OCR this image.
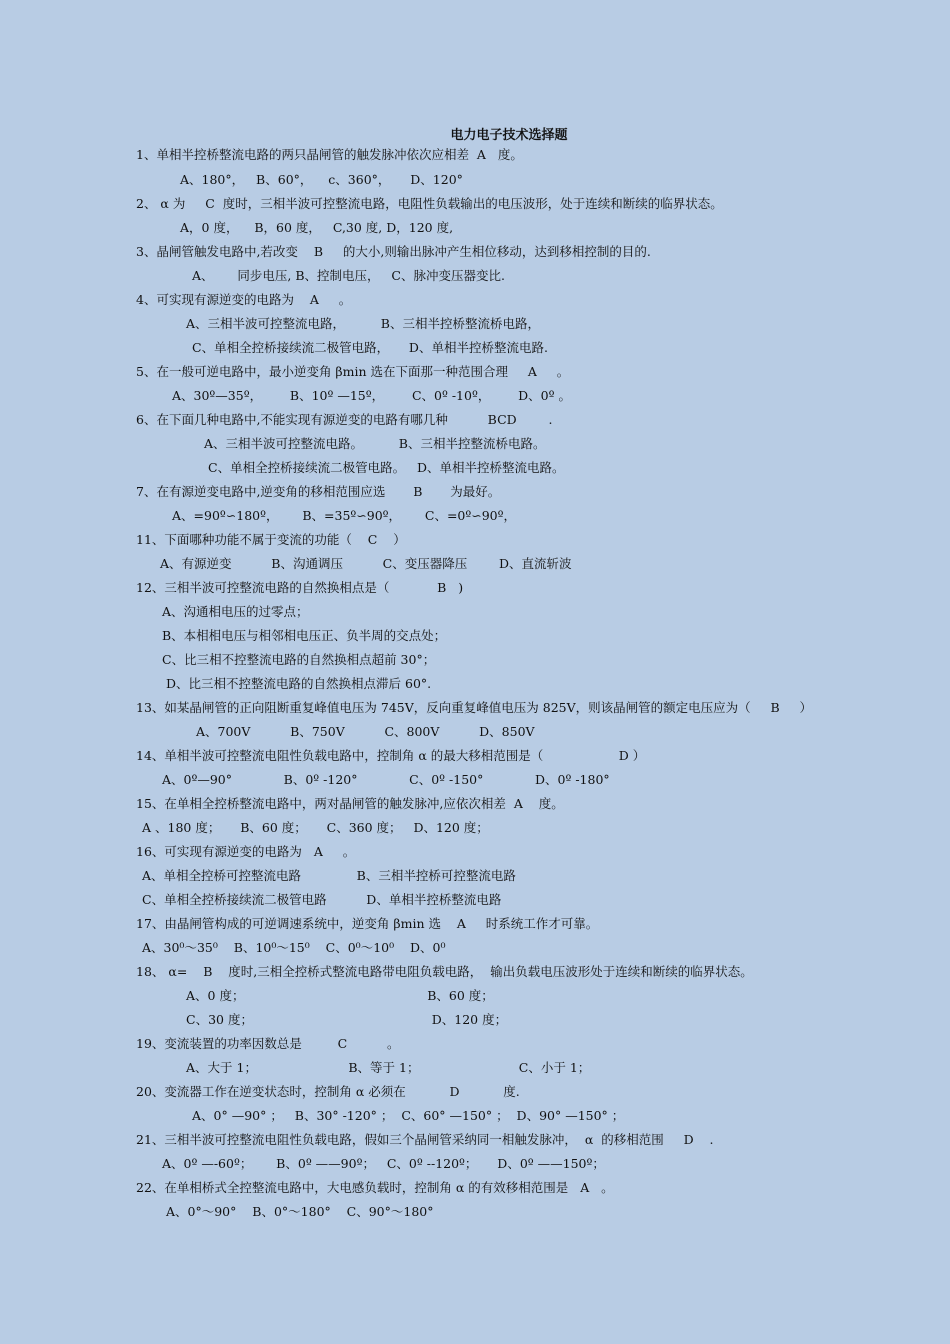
电力电子技术选择题
1、单相半控桥整流电路的两只晶闸管的触发脉冲依次应相差  A   度。
A、180°，   B、60°，    c、360°，     D、120°
2、 α 为     C  度时，三相半波可控整流电路，电阻性负载输出的电压波形，处于连续和断续的临界状态。
A，0 度，    B，60 度，   C,30 度, D，120 度,
3、晶闸管触发电路中,若改变    B     的大小,则输出脉冲产生相位移动，达到移相控制的目的.
A、      同步电压, B、控制电压，   C、脉冲变压器变比.
4、可实现有源逆变的电路为    A     。
A、三相半波可控整流电路，         B、三相半控桥整流桥电路，
C、单相全控桥接续流二极管电路，     D、单相半控桥整流电路.
5、在一般可逆电路中，最小逆变角 βmin 选在下面那一种范围合理     A     。
A、30º—35º，       B、10º —15º，       C、0º -10º，       D、0º 。
6、在下面几种电路中,不能实现有源逆变的电路有哪几种          BCD        .
A、三相半波可控整流电路。         B、三相半控整流桥电路。
C、单相全控桥接续流二极管电路。   D、单相半控桥整流电路。
7、在有源逆变电路中,逆变角的移相范围应选       B       为最好。
A、=90º∽180º，      B、=35º∽90º，      C、=0º∽90º，
11、下面哪种功能不属于变流的功能（    C    ）
A、有源逆变          B、沟通调压          C、变压器降压        D、直流斩波
12、三相半波可控整流电路的自然换相点是（            B   )
A、沟通相电压的过零点；
B、本相相电压与相邻相电压正、负半周的交点处；
C、比三相不控整流电路的自然换相点超前 30°；
D、比三相不控整流电路的自然换相点滞后 60°.
13、如某晶闸管的正向阻断重复峰值电压为 745V，反向重复峰值电压为 825V，则该晶闸管的额定电压应为（     B     ）
A、700V          B、750V          C、800V          D、850V
14、单相半波可控整流电阻性负载电路中，控制角 α 的最大移相范围是（                   D ）
A、0º—90°             B、0º -120°             C、0º -150°             D、0º -180°
15、在单相全控桥整流电路中，两对晶闸管的触发脉冲,应依次相差  A    度。
A 、180 度；     B、60 度；     C、360 度；   D、120 度；
16、可实现有源逆变的电路为   A     。
A、单相全控桥可控整流电路              B、三相半控桥可控整流电路
C、单相全控桥接续流二极管电路          D、单相半控桥整流电路
17、由晶闸管构成的可逆调速系统中，逆变角 βmin 选    A     时系统工作才可靠。
A、30⁰～35⁰    B、10⁰～15⁰    C、0⁰～10⁰    D、0⁰
18、 α=    B    度时,三相全控桥式整流电路带电阻负载电路，  输出负载电压波形处于连续和断续的临界状态。
A、0 度；                                              B、60 度；
C、30 度；                                             D、120 度；
19、变流装置的功率因数总是         C          。
A、大于 1；                       B、等于 1；                         C、小于 1；
20、变流器工作在逆变状态时，控制角 α 必须在           D           度.
A、0° —90° ；   B、30° -120° ；  C、60° —150° ；  D、90° —150° ；
21、三相半波可控整流电阻性负载电路，假如三个晶闸管采纳同一相触发脉冲，  α  的移相范围     D    .
A、0º —-60º；      B、0º ——90º；   C、0º --120º；     D、0º ——150º；
22、在单相桥式全控整流电路中，大电感负载时，控制角 α 的有效移相范围是   A   。
A、0°～90°    B、0°～180°    C、90°～180°
